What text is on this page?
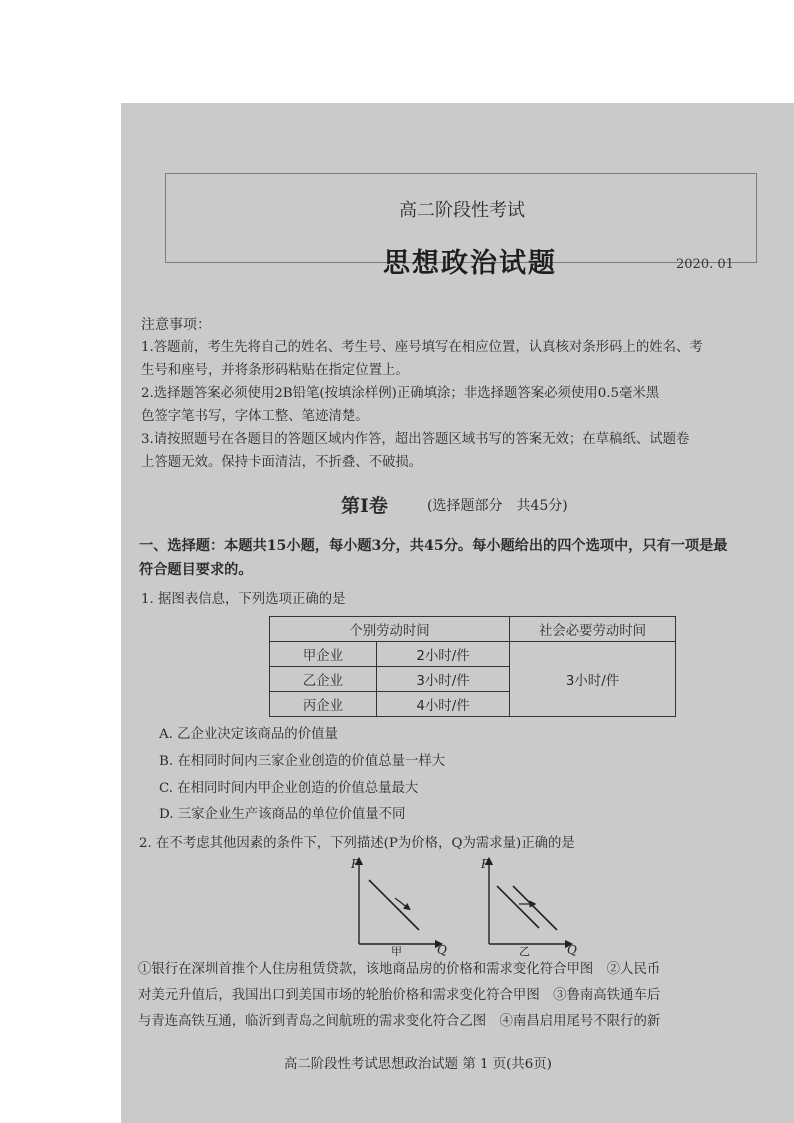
高二阶段性考试
思想政治试题	2020. 01
注意事项：
1.答题前，考生先将自己的姓名、考生号、座号填写在相应位置，认真核对条形码上的姓名、考
生号和座号，并将条形码粘贴在指定位置上。
2.选择题答案必须使用2B铅笔(按填涂样例)正确填涂；非选择题答案必须使用0.5毫米黑
色签字笔书写，字体工整、笔迹清楚。
3.请按照题号在各题目的答题区域内作答，超出答题区域书写的答案无效；在草稿纸、试题卷
上答题无效。保持卡面清洁，不折叠、不破损。
第Ⅰ卷	(选择题部分　共45分)
一、选择题：本题共15小题，每小题3分，共45分。每小题给出的四个选项中，只有一项是最
符合题目要求的。
1. 据图表信息，下列选项正确的是
个别劳动时间		社会必要劳动时间
甲企业	2小时/件	3小时/件
乙企业	3小时/件	
丙企业	4小时/件	
A. 乙企业决定该商品的价值量
B. 在相同时间内三家企业创造的价值总量一样大
C. 在相同时间内甲企业创造的价值总量最大
D. 三家企业生产该商品的单位价值量不同
2. 在不考虑其他因素的条件下，下列描述(P为价格，Q为需求量)正确的是
P
Q
甲
P
Q
乙
①银行在深圳首推个人住房租赁贷款，该地商品房的价格和需求变化符合甲图　②人民币
对美元升值后，我国出口到美国市场的轮胎价格和需求变化符合甲图　③鲁南高铁通车后
与青连高铁互通，临沂到青岛之间航班的需求变化符合乙图　④南昌启用尾号不限行的新
高二阶段性考试思想政治试题 第 1 页(共6页)
